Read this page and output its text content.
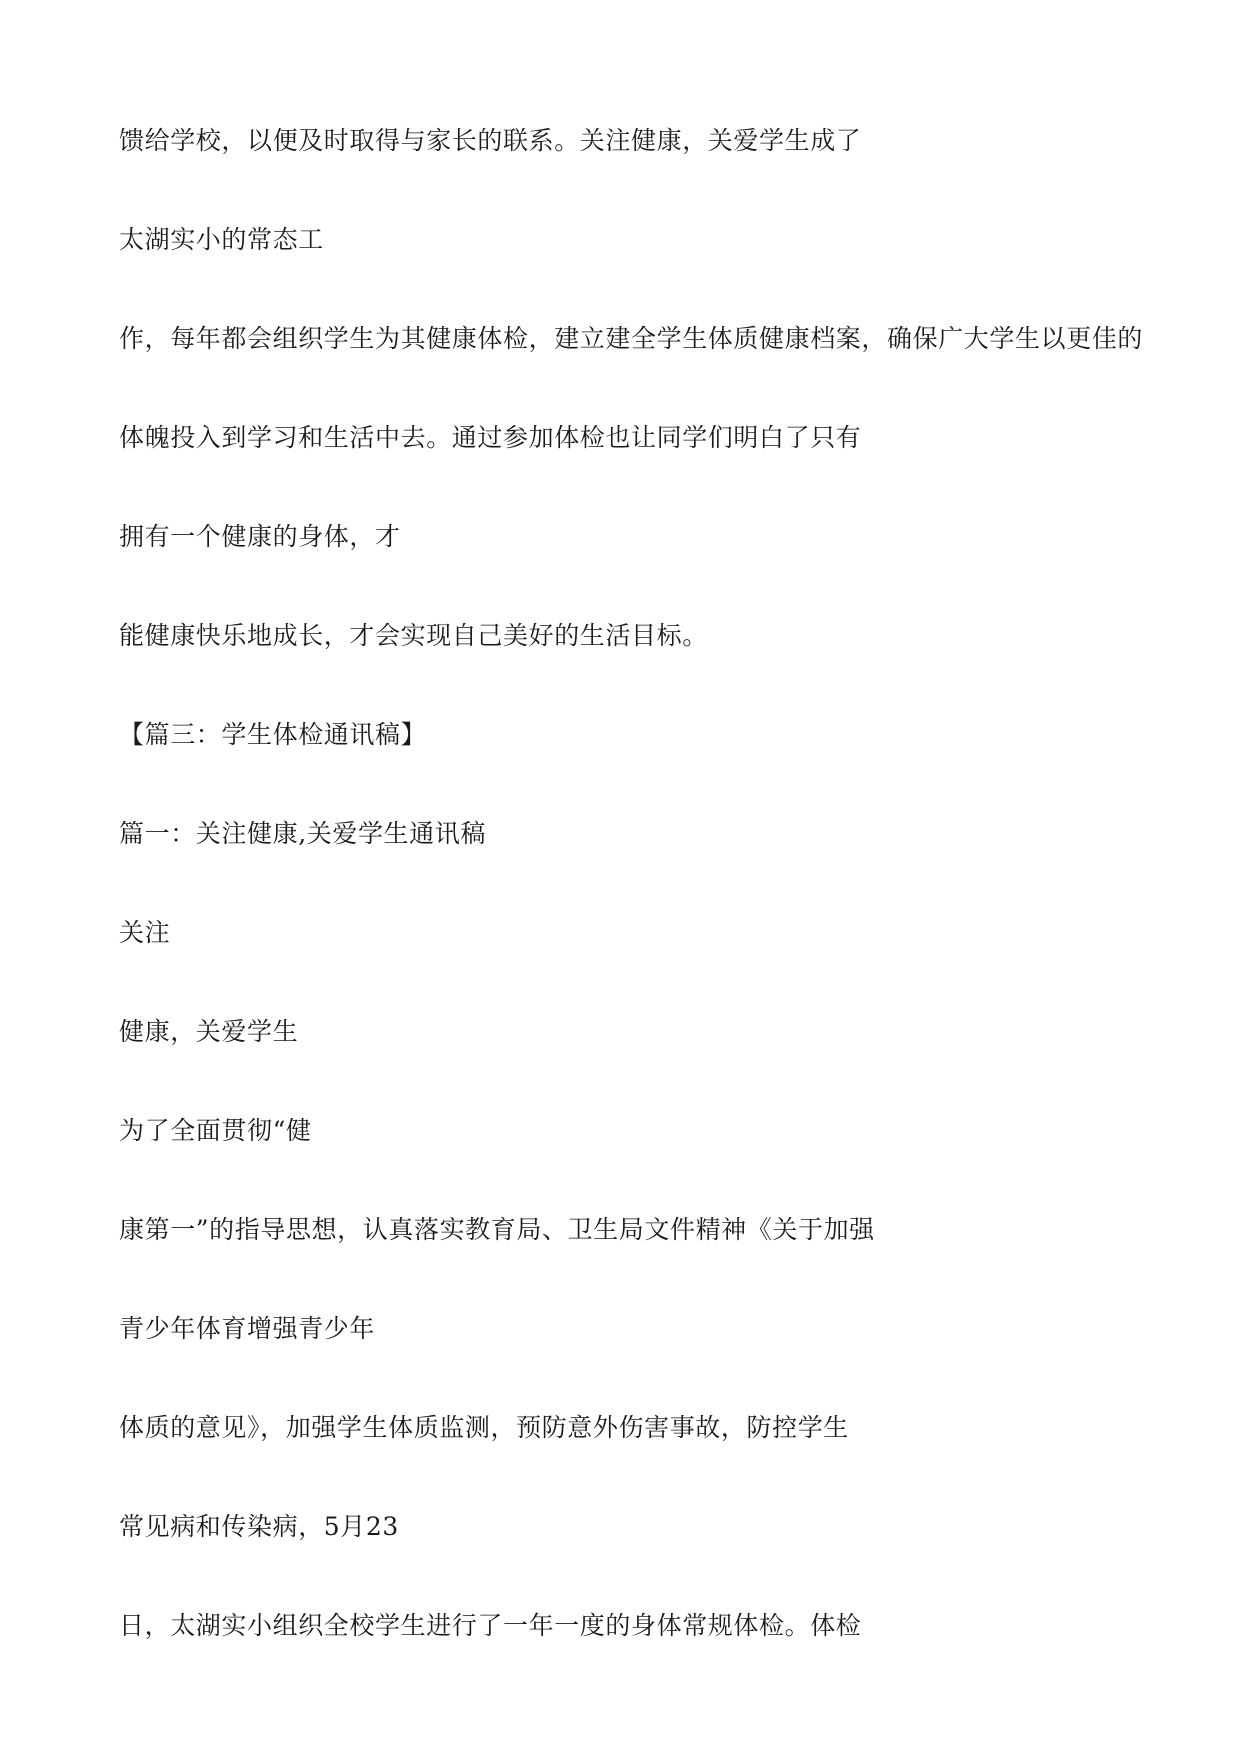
馈给学校，以便及时取得与家长的联系。关注健康，关爱学生成了

太湖实小的常态工

作，每年都会组织学生为其健康体检，建立建全学生体质健康档案，确保广大学生以更佳的

体魄投入到学习和生活中去。通过参加体检也让同学们明白了只有

拥有一个健康的身体，才

能健康快乐地成长，才会实现自己美好的生活目标。

【篇三：学生体检通讯稿】

篇一：关注健康,关爱学生通讯稿

关注

健康，关爱学生

为了全面贯彻“健

康第一”的指导思想，认真落实教育局、卫生局文件精神《关于加强

青少年体育增强青少年

体质的意见》，加强学生体质监测，预防意外伤害事故，防控学生

常见病和传染病，5月23

日，太湖实小组织全校学生进行了一年一度的身体常规体检。体检
